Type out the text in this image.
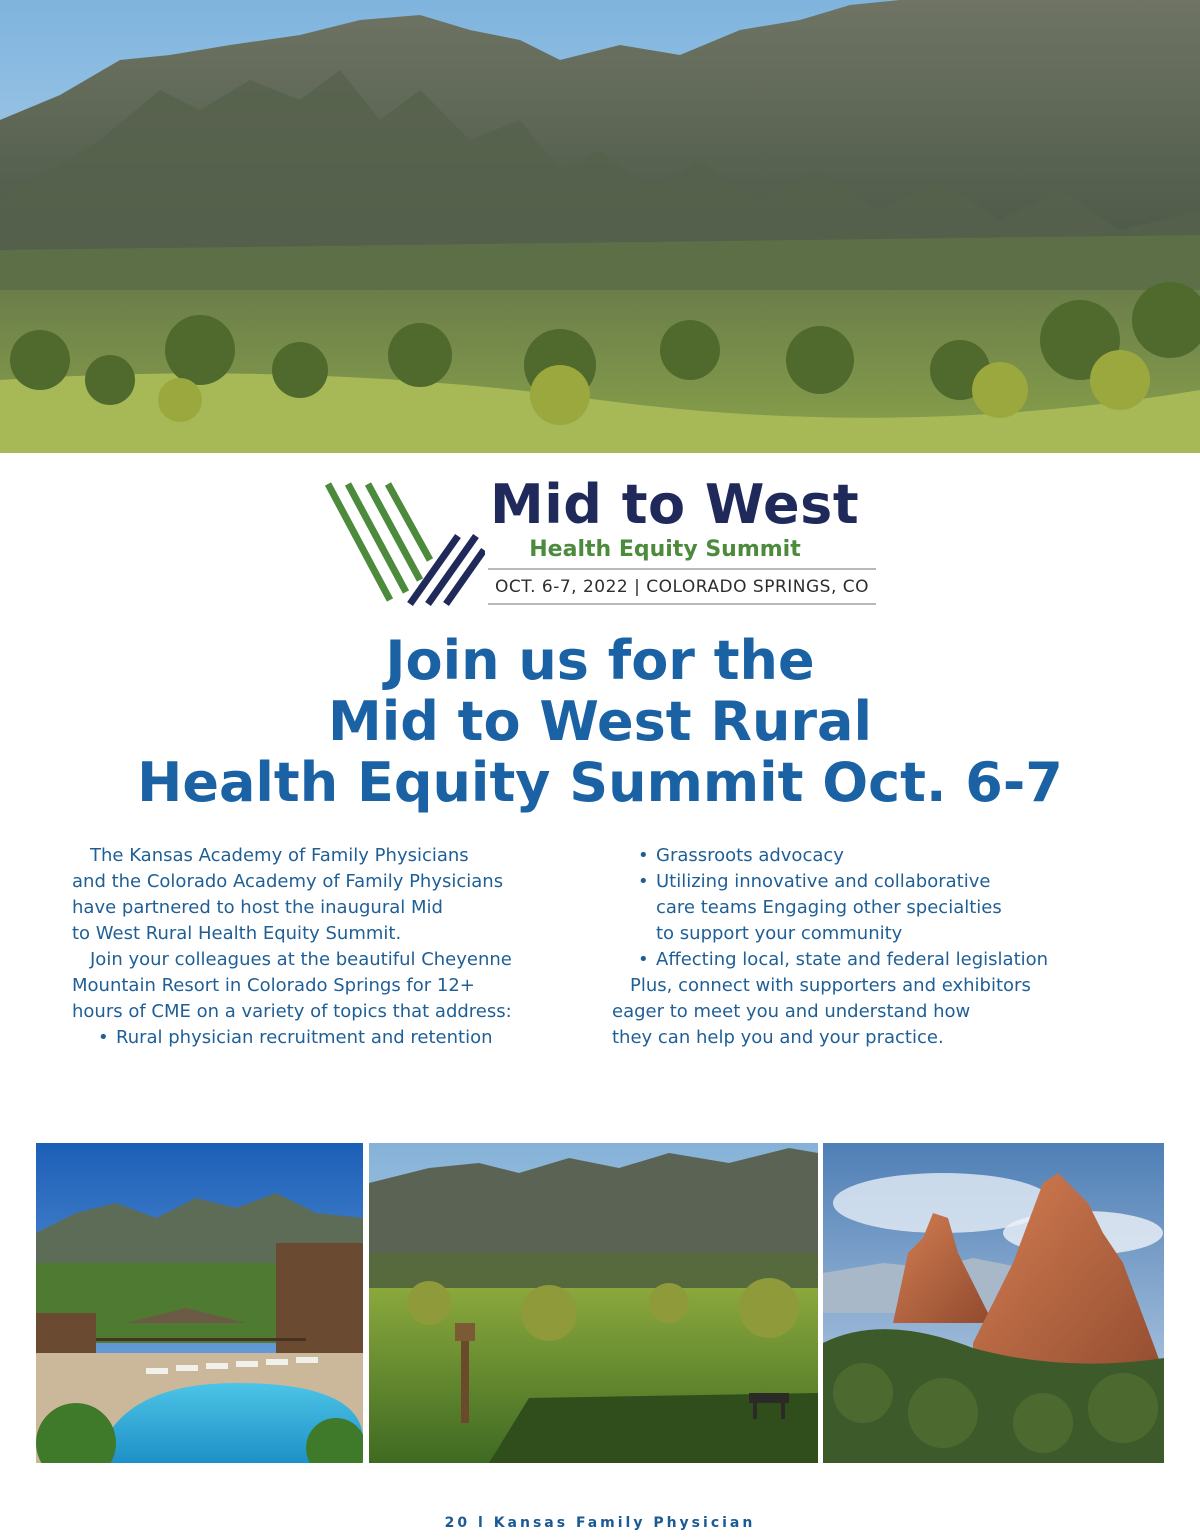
Mid to West
Health Equity Summit
OCT. 6-7, 2022 | COLORADO SPRINGS, CO
Join us for the
Mid to West Rural
Health Equity Summit Oct. 6-7

The Kansas Academy of Family Physicians
and the Colorado Academy of Family Physicians
have partnered to host the inaugural Mid
to West Rural Health Equity Summit.

Join your colleagues at the beautiful Cheyenne
Mountain Resort in Colorado Springs for 12+
hours of CME on a variety of topics that address:

• Rural physician recruitment and retention
• Grassroots advocacy
• Utilizing innovative and collaborative
care teams Engaging other specialties
to support your community
• Affecting local, state and federal legislation

Plus, connect with supporters and exhibitors
eager to meet you and understand how
they can help you and your practice.

20 l Kansas Family Physician
